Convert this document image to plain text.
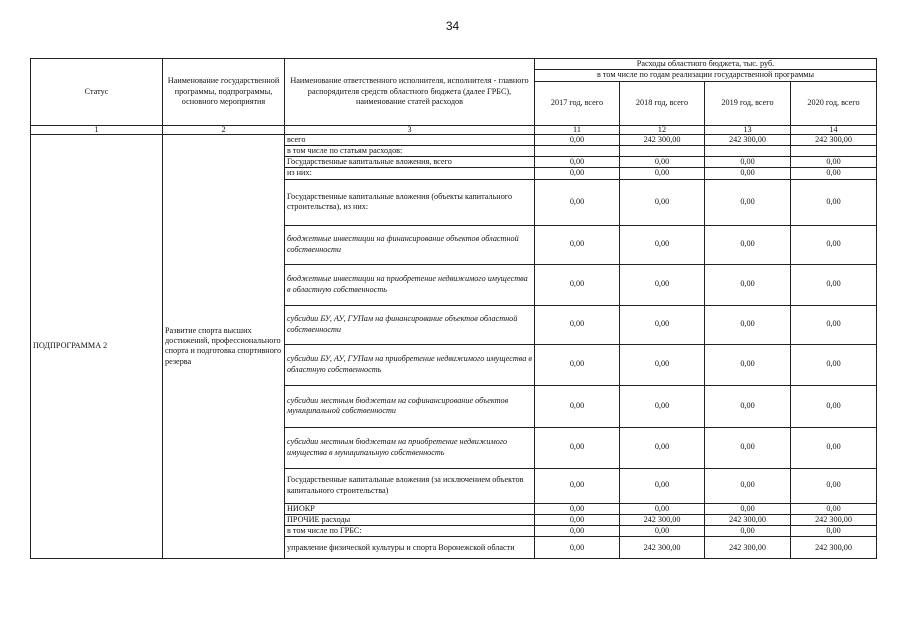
34
Статус	Наименование государственной программы, подпрограммы, основного мероприятия	Наименование ответственного исполнителя, исполнителя - главного распорядителя средств областного бюджета (далее ГРБС), наименование статей расходов	Расходы областного бюджета, тыс. руб.			
			в том числе по годам реализации государственной программы			
			2017 год, всего	2018 год, всего	2019 год, всего	2020 год, всего
1	2	3	11	12	13	14
ПОДПРОГРАММА 2	Развитие спорта высших достижений, профессионального спорта и подготовка спортивного резерва	всего	0,00	242 300,00	242 300,00	242 300,00
		в том числе по статьям расходов:				
		Государственные капитальные вложения, всего	0,00	0,00	0,00	0,00
		из них:	0,00	0,00	0,00	0,00
		Государственные капитальные вложения (объекты капитального строительства), из них:	0,00	0,00	0,00	0,00
		бюджетные инвестиции на финансирование объектов областной собственности	0,00	0,00	0,00	0,00
		бюджетные инвестиции на приобретение недвижимого имущества в областную собственность	0,00	0,00	0,00	0,00
		субсидии БУ, АУ, ГУПам на финансирование объектов областной собственности	0,00	0,00	0,00	0,00
		субсидии БУ, АУ, ГУПам на приобретение недвижимого имущества в областную собственность	0,00	0,00	0,00	0,00
		субсидии местным бюджетам на софинансирование объектов муниципальной собственности	0,00	0,00	0,00	0,00
		субсидии местным бюджетам на приобретение недвижимого имущества в муниципальную собственность	0,00	0,00	0,00	0,00
		Государственные капитальные вложения (за исключением объектов капитального строительства)	0,00	0,00	0,00	0,00
		НИОКР	0,00	0,00	0,00	0,00
		ПРОЧИЕ расходы	0,00	242 300,00	242 300,00	242 300,00
		в том числе по ГРБС:	0,00	0,00	0,00	0,00
		управление физической культуры и спорта Воронежской области	0,00	242 300,00	242 300,00	242 300,00
